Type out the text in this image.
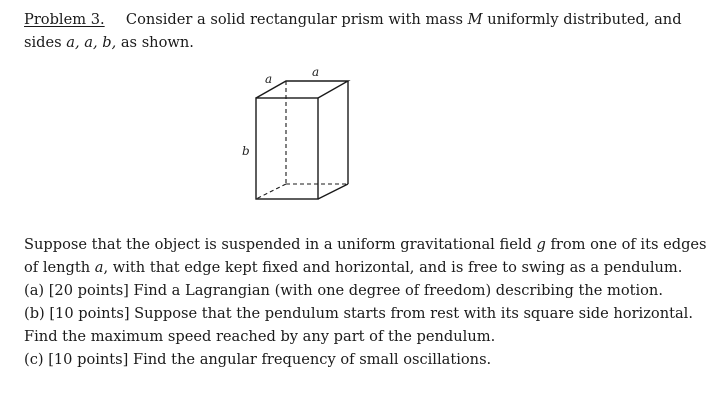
Problem 3. Consider a solid rectangular prism with mass M uniformly distributed, and
sides a, a, b, as shown.
a	a
b
Suppose that the object is suspended in a uniform gravitational field g from one of its edges
of length a, with that edge kept fixed and horizontal, and is free to swing as a pendulum.
(a) [20 points] Find a Lagrangian (with one degree of freedom) describing the motion.
(b) [10 points] Suppose that the pendulum starts from rest with its square side horizontal.
Find the maximum speed reached by any part of the pendulum.
(c) [10 points] Find the angular frequency of small oscillations.
